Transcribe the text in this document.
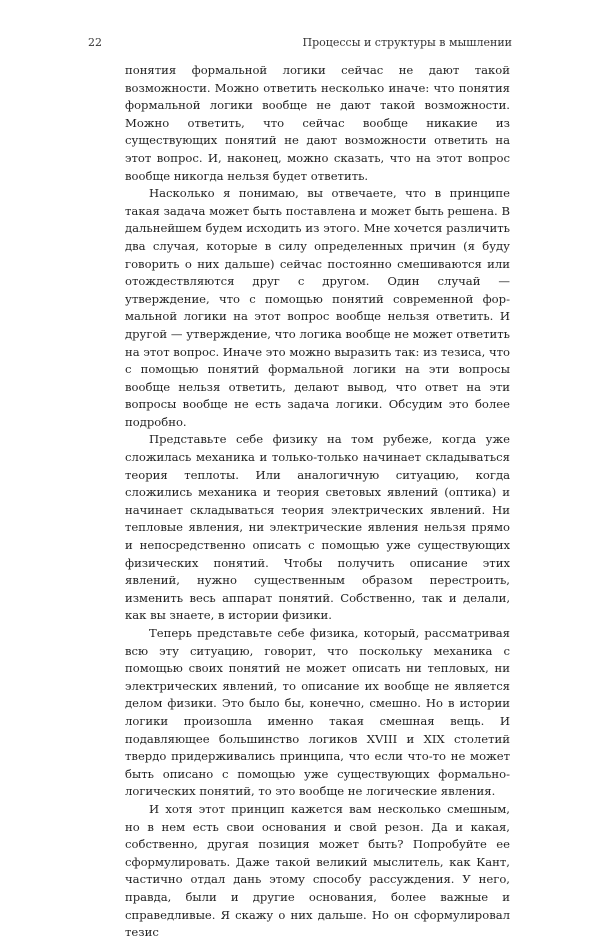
22	Процессы и структуры в мышлении

понятия формальной логики сейчас не дают такой возможности. Можно ответить несколько иначе: что понятия формальной логики вообще не дают такой возможности. Можно ответить, что сейчас вообще никакие из существующих понятий не дают возможности ответить на этот вопрос. И, наконец, можно сказать, что на этот вопрос вообще никогда нельзя будет ответить.

Насколько я понимаю, вы отвечаете, что в принципе такая задача может быть поставлена и может быть решена. В дальнейшем будем исходить из этого. Мне хочется различить два случая, которые в силу определенных причин (я буду говорить о них дальше) сейчас постоянно смешиваются или отождествляются друг с другом. Один случай — утверждение, что с помощью понятий современной формальной логики на этот вопрос вообще нельзя ответить. И другой — утверждение, что логика вообще не может ответить на этот вопрос. Иначе это можно выразить так: из тезиса, что с помощью понятий формальной логики на эти вопросы вообще нельзя ответить, делают вывод, что ответ на эти вопросы вообще не есть задача логики. Обсудим это более подробно.

Представьте себе физику на том рубеже, когда уже сложилась механика и только-только начинает складываться теория теплоты. Или аналогичную ситуацию, когда сложились механика и теория световых явлений (оптика) и начинает складываться теория электрических явлений. Ни тепловые явления, ни электрические явления нельзя прямо и непосредственно описать с помощью уже существующих физических понятий. Чтобы получить описание этих явлений, нужно существенным образом перестроить, изменить весь аппарат понятий. Собственно, так и делали, как вы знаете, в истории физики.

Теперь представьте себе физика, который, рассматривая всю эту ситуацию, говорит, что поскольку механика с помощью своих понятий не может описать ни тепловых, ни электрических явлений, то описание их вообще не является делом физики. Это было бы, конечно, смешно. Но в истории логики произошла именно такая смешная вещь. И подавляющее большинство логиков XVIII и XIX столетий твердо придерживались принципа, что если что-то не может быть описано с помощью уже существующих формально-логических понятий, то это вообще не логические явления.

И хотя этот принцип кажется вам несколько смешным, но в нем есть свои основания и свой резон. Да и какая, собственно, другая позиция может быть? Попробуйте ее сформулировать. Даже такой великий мыслитель, как Кант, частично отдал дань этому способу рассуждения. У него, правда, были и другие основания, более важные и справедливые. Я скажу о них дальше. Но он сформулировал тезис
